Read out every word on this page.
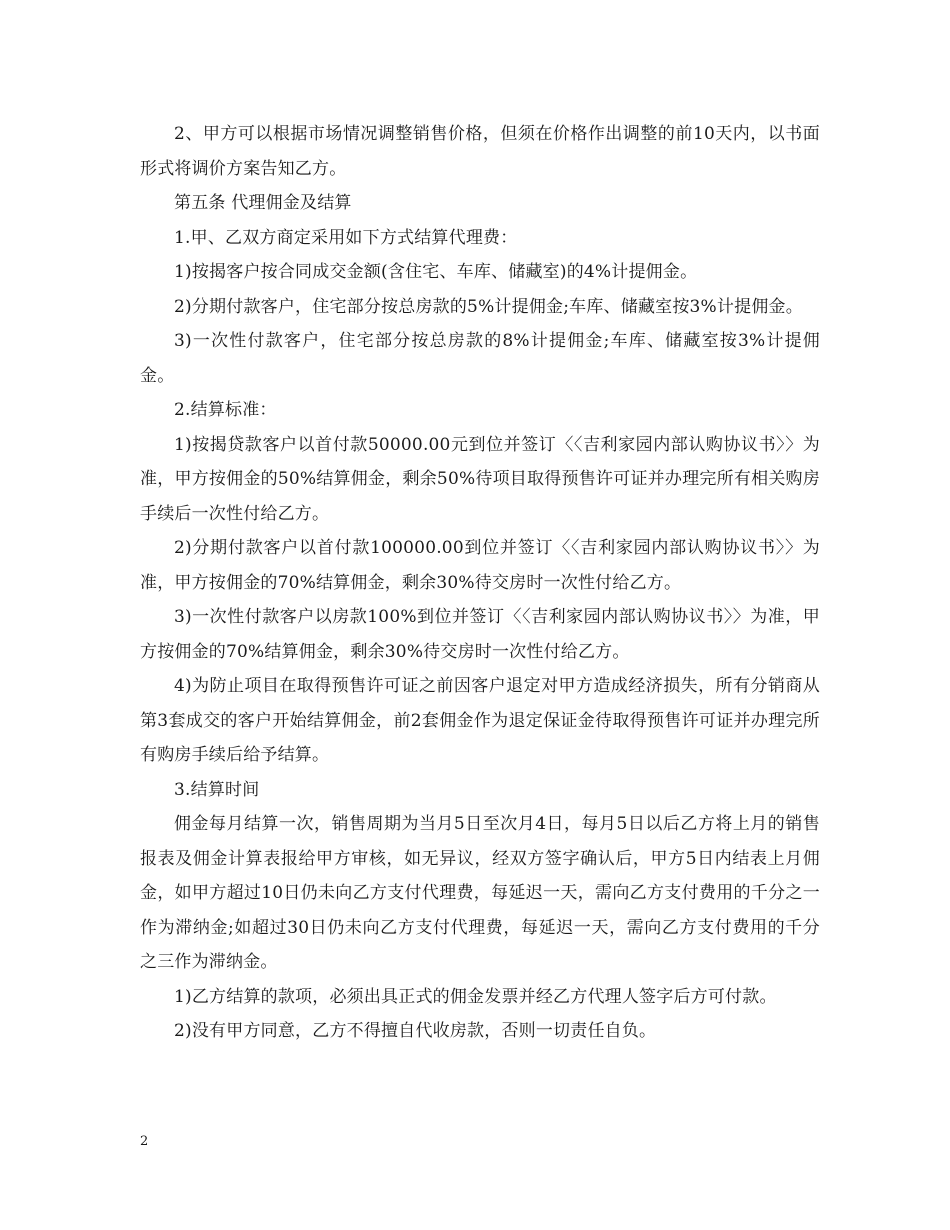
2、甲方可以根据市场情况调整销售价格，但须在价格作出调整的前10天内，以书面形式将调价方案告知乙方。

第五条 代理佣金及结算

1.甲、乙双方商定采用如下方式结算代理费：

1)按揭客户按合同成交金额(含住宅、车库、储藏室)的4%计提佣金。

2)分期付款客户，住宅部分按总房款的5%计提佣金;车库、储藏室按3%计提佣金。

3)一次性付款客户，住宅部分按总房款的8%计提佣金;车库、储藏室按3%计提佣金。

2.结算标准：

1)按揭贷款客户以首付款50000.00元到位并签订〈〈吉利家园内部认购协议书〉〉为准，甲方按佣金的50%结算佣金，剩余50%待项目取得预售许可证并办理完所有相关购房手续后一次性付给乙方。

2)分期付款客户以首付款100000.00到位并签订〈〈吉利家园内部认购协议书〉〉为准，甲方按佣金的70%结算佣金，剩余30%待交房时一次性付给乙方。

3)一次性付款客户以房款100%到位并签订〈〈吉利家园内部认购协议书〉〉为准，甲方按佣金的70%结算佣金，剩余30%待交房时一次性付给乙方。

4)为防止项目在取得预售许可证之前因客户退定对甲方造成经济损失，所有分销商从第3套成交的客户开始结算佣金，前2套佣金作为退定保证金待取得预售许可证并办理完所有购房手续后给予结算。

3.结算时间

佣金每月结算一次，销售周期为当月5日至次月4日，每月5日以后乙方将上月的销售报表及佣金计算表报给甲方审核，如无异议，经双方签字确认后，甲方5日内结表上月佣金，如甲方超过10日仍未向乙方支付代理费，每延迟一天，需向乙方支付费用的千分之一作为滞纳金;如超过30日仍未向乙方支付代理费，每延迟一天，需向乙方支付费用的千分之三作为滞纳金。

1)乙方结算的款项，必须出具正式的佣金发票并经乙方代理人签字后方可付款。

2)没有甲方同意，乙方不得擅自代收房款，否则一切责任自负。

2
